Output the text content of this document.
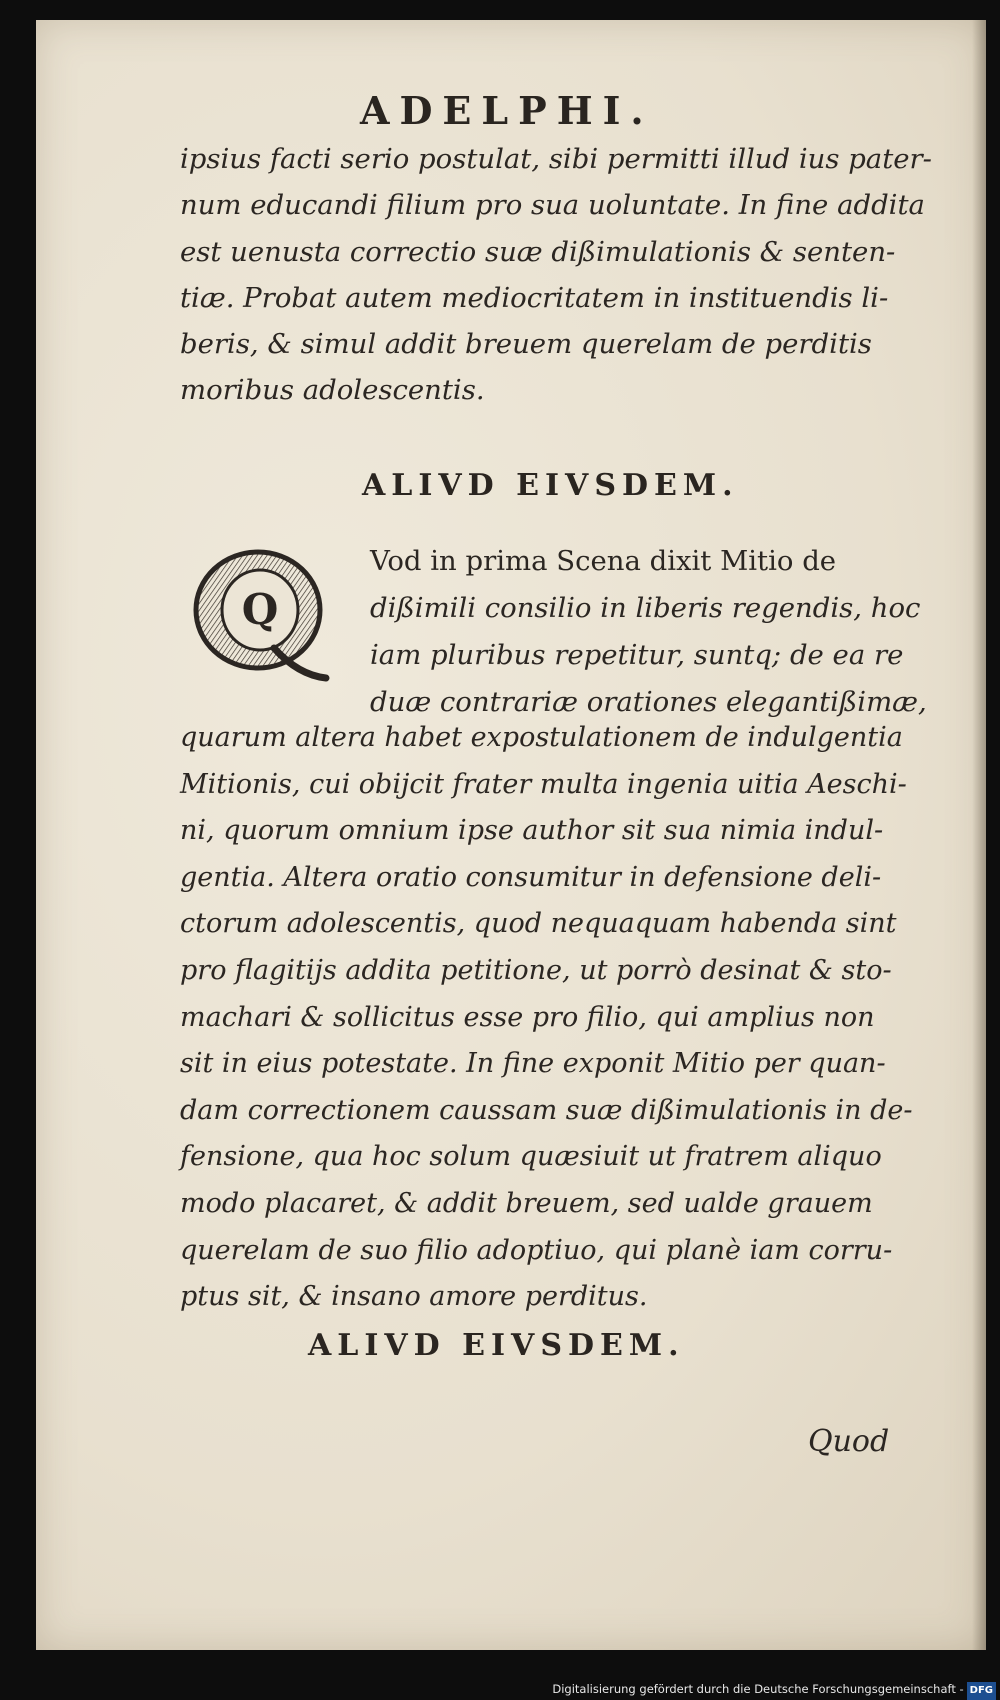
ADELPHI.
ipsius facti serio postulat, sibi permitti illud ius pater-
num educandi filium pro sua uoluntate. In fine addita
est uenusta correctio suæ dißimulationis & senten-
tiæ. Probat autem mediocritatem in instituendis li-
beris, & simul addit breuem querelam de perditis
moribus adolescentis.
ALIVD EIVSDEM.
Q
Vod in prima Scena dixit Mitio de
dißimili consilio in liberis regendis, hoc
iam pluribus repetitur, suntq; de ea re
duæ contrariæ orationes elegantißimæ,
quarum altera habet expostulationem de indulgentia
Mitionis, cui obijcit frater multa ingenia uitia Aeschi-
ni, quorum omnium ipse author sit sua nimia indul-
gentia. Altera oratio consumitur in defensione deli-
ctorum adolescentis, quod nequaquam habenda sint
pro flagitijs addita petitione, ut porrò desinat & sto-
machari & sollicitus esse pro filio, qui amplius non
sit in eius potestate. In fine exponit Mitio per quan-
dam correctionem caussam suæ dißimulationis in de-
fensione, qua hoc solum quæsiuit ut fratrem aliquo
modo placaret, & addit breuem, sed ualde grauem
querelam de suo filio adoptiuo, qui planè iam corru-
ptus sit, & insano amore perditus.
ALIVD EIVSDEM.
Quod
Digitalisierung gefördert durch die Deutsche Forschungsgemeinschaft - DFG
